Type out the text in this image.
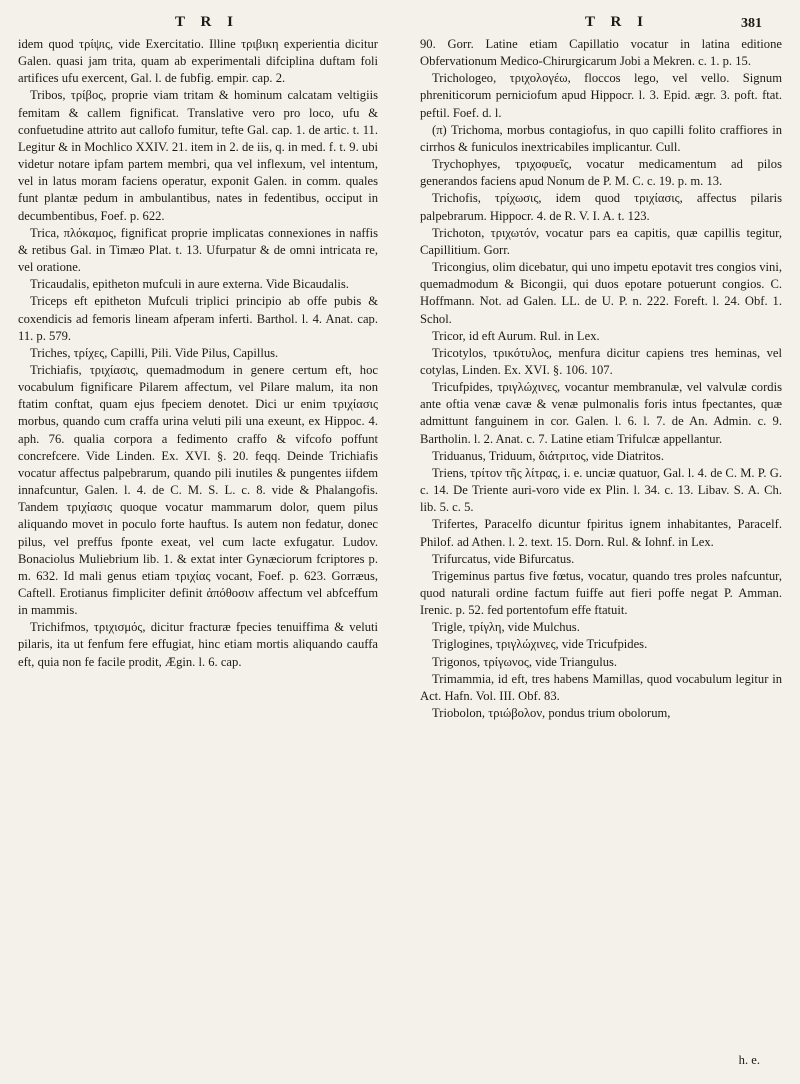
T R I	T R I	381

idem quod τρίψις, vide Exercitatio. Illine τριβικη experientia dicitur Galen. quasi jam trita, quam ab experimentali difciplina duftam foli artifices ufu exercent, Gal. l. de fubfig. empir. cap. 2.

Tribos, τρίβος, proprie viam tritam & hominum calcatam veltigiis femitam & callem fignificat. Translative vero pro loco, ufu & confuetudine attrito aut callofo fumitur, tefte Gal. cap. 1. de artic. t. 11. Legitur & in Mochlico XXIV. 21. item in 2. de iis, q. in med. f. t. 9. ubi videtur notare ipfam partem membri, qua vel inflexum, vel intentum, vel in latus moram faciens operatur, exponit Galen. in comm. quales funt plantæ pedum in ambulantibus, nates in fedentibus, occiput in decumbentibus, Foef. p. 622.

Trica, πλόκαμος, fignificat proprie implicatas connexiones in naffis & retibus Gal. in Timæo Plat. t. 13. Ufurpatur & de omni intricata re, vel oratione.

Tricaudalis, epitheton mufculi in aure externa. Vide Bicaudalis.

Triceps eft epitheton Mufculi triplici principio ab offe pubis & coxendicis ad femoris lineam afperam inferti. Barthol. l. 4. Anat. cap. 11. p. 579.

Triches, τρίχες, Capilli, Pili. Vide Pilus, Capillus.

Trichiafis, τριχίασις, quemadmodum in genere certum eft, hoc vocabulum fignificare Pilarem affectum, vel Pilare malum, ita non ftatim conftat, quam ejus fpeciem denotet. Dici ur enim τριχίασις morbus, quando cum craffa urina veluti pili una exeunt, ex Hippoc. 4. aph. 76. qualia corpora a fedimento craffo & vifcofo poffunt concrefcere. Vide Linden. Ex. XVI. §. 20. feqq. Deinde Trichiafis vocatur affectus palpebrarum, quando pili inutiles & pungentes iifdem innafcuntur, Galen. l. 4. de C. M. S. L. c. 8. vide & Phalangofis. Tandem τριχίασις quoque vocatur mammarum dolor, quem pilus aliquando movet in poculo forte hauftus. Is autem non fedatur, donec pilus, vel preffus fponte exeat, vel cum lacte exfugatur. Ludov. Bonaciolus Muliebrium lib. 1. & extat inter Gynæciorum fcriptores p. m. 632. Id mali genus etiam τριχίας vocant, Foef. p. 623. Gorræus, Caftell. Erotianus fimpliciter definit ἀπόθοσιν affectum vel abfceffum in mammis.

Trichifmos, τριχισμός, dicitur fracturæ fpecies tenuiffima & veluti pilaris, ita ut fenfum fere effugiat, hinc etiam mortis aliquando cauffa eft, quia non fe facile prodit, Ægin. l. 6. cap.

90. Gorr. Latine etiam Capillatio vocatur in latina editione Obfervationum Medico-Chirurgicarum Jobi a Mekren. c. 1. p. 15.

Trichologeo, τριχολογέω, floccos lego, vel vello. Signum phreniticorum perniciofum apud Hippocr. l. 3. Epid. ægr. 3. poft. ftat. peftil. Foef. d. l.

(π) Trichoma, morbus contagiofus, in quo capilli folito craffiores in cirrhos & funiculos inextricabiles implicantur. Cull.

Trychophyes, τριχοφυεῖς, vocatur medicamentum ad pilos generandos faciens apud Nonum de P. M. C. c. 19. p. m. 13.

Trichofis, τρίχωσις, idem quod τριχίασις, affectus pilaris palpebrarum. Hippocr. 4. de R. V. I. A. t. 123.

Trichoton, τριχωτόν, vocatur pars ea capitis, quæ capillis tegitur, Capillitium. Gorr.

Tricongius, olim dicebatur, qui uno impetu epotavit tres congios vini, quemadmodum & Bicongii, qui duos epotare potuerunt congios. C. Hoffmann. Not. ad Galen. LL. de U. P. n. 222. Foreft. l. 24. Obf. 1. Schol.

Tricor, id eft Aurum. Rul. in Lex.

Tricotylos, τρικότυλος, menfura dicitur capiens tres heminas, vel cotylas, Linden. Ex. XVI. §. 106. 107.

Tricufpides, τριγλώχινες, vocantur membranulæ, vel valvulæ cordis ante oftia venæ cavæ & venæ pulmonalis foris intus fpectantes, quæ admittunt fanguinem in cor. Galen. l. 6. l. 7. de An. Admin. c. 9. Bartholin. l. 2. Anat. c. 7. Latine etiam Trifulcæ appellantur.

Triduanus, Triduum, διάτριτος, vide Diatritos.

Triens, τρίτον τῆς λίτρας, i. e. unciæ quatuor, Gal. l. 4. de C. M. P. G. c. 14. De Triente auri-voro vide ex Plin. l. 34. c. 13. Libav. S. A. Ch. lib. 5. c. 5.

Trifertes, Paracelfo dicuntur fpiritus ignem inhabitantes, Paracelf. Philof. ad Athen. l. 2. text. 15. Dorn. Rul. & Iohnf. in Lex.

Trifurcatus, vide Bifurcatus.

Trigeminus partus five fœtus, vocatur, quando tres proles nafcuntur, quod naturali ordine factum fuiffe aut fieri poffe negat P. Amman. Irenic. p. 52. fed portentofum effe ftatuit.

Trigle, τρίγλη, vide Mulchus.

Triglogines, τριγλώχινες, vide Tricufpides.

Trigonos, τρίγωνος, vide Triangulus.

Trimammia, id eft, tres habens Mamillas, quod vocabulum legitur in Act. Hafn. Vol. III. Obf. 83.

Triobolon, τριώβολον, pondus trium obolorum,

h. e.
